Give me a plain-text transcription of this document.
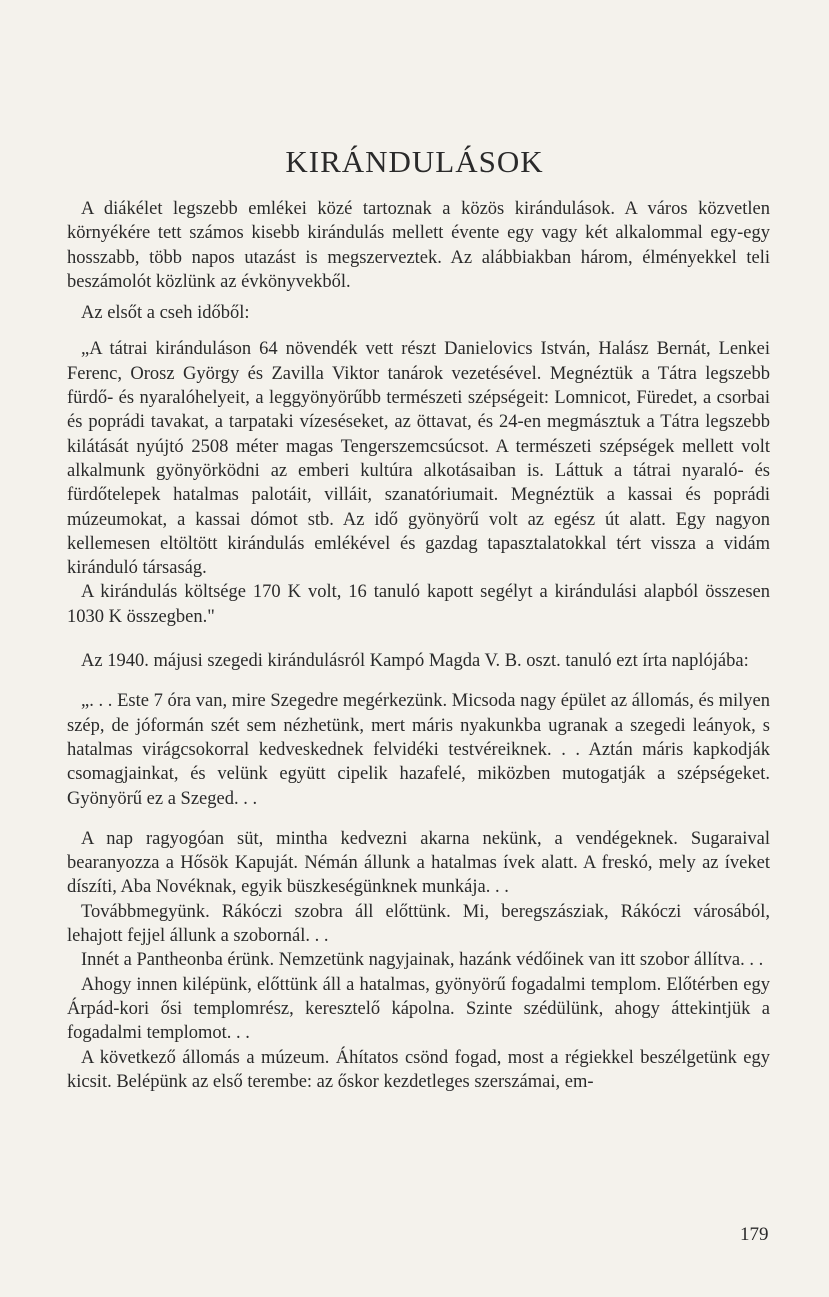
KIRÁNDULÁSOK

A diákélet legszebb emlékei közé tartoznak a közös kirándulások. A város közvetlen környékére tett számos kisebb kirándulás mellett évente egy vagy két alkalommal egy-egy hosszabb, több napos utazást is megszerveztek. Az alábbiakban három, élményekkel teli beszámolót közlünk az évkönyvekből.

Az elsőt a cseh időből:

„A tátrai kiránduláson 64 növendék vett részt Danielovics István, Halász Bernát, Lenkei Ferenc, Orosz György és Zavilla Viktor tanárok vezetésével. Megnéztük a Tátra legszebb fürdő- és nyaralóhelyeit, a leggyönyörűbb természeti szépségeit: Lomnicot, Füredet, a csorbai és poprádi tavakat, a tarpataki vízeséseket, az öttavat, és 24-en megmásztuk a Tátra legszebb kilátását nyújtó 2508 méter magas Tengerszemcsúcsot. A természeti szépségek mellett volt alkalmunk gyönyörködni az emberi kultúra alkotásaiban is. Láttuk a tátrai nyaraló- és fürdőtelepek hatalmas palotáit, villáit, szanatóriumait. Megnéztük a kassai és poprádi múzeumokat, a kassai dómot stb. Az idő gyönyörű volt az egész út alatt. Egy nagyon kellemesen eltöltött kirándulás emlékével és gazdag tapasztalatokkal tért vissza a vidám kiránduló társaság.

A kirándulás költsége 170 K volt, 16 tanuló kapott segélyt a kirándulási alapból összesen 1030 K összegben."

Az 1940. májusi szegedi kirándulásról Kampó Magda V. B. oszt. tanuló ezt írta naplójába:

„. . . Este 7 óra van, mire Szegedre megérkezünk. Micsoda nagy épület az állomás, és milyen szép, de jóformán szét sem nézhetünk, mert máris nyakunkba ugranak a szegedi leányok, s hatalmas virágcsokorral kedveskednek felvidéki testvéreiknek. . . Aztán máris kapkodják csomagjainkat, és velünk együtt cipelik hazafelé, miközben mutogatják a szépségeket. Gyönyörű ez a Szeged. . .

A nap ragyogóan süt, mintha kedvezni akarna nekünk, a vendégeknek. Sugaraival bearanyozza a Hősök Kapuját. Némán állunk a hatalmas ívek alatt. A freskó, mely az íveket díszíti, Aba Novéknak, egyik büszkeségünknek munkája. . .

Továbbmegyünk. Rákóczi szobra áll előttünk. Mi, beregszásziak, Rákóczi városából, lehajott fejjel állunk a szobornál. . .

Innét a Pantheonba érünk. Nemzetünk nagyjainak, hazánk védőinek van itt szobor állítva. . .

Ahogy innen kilépünk, előttünk áll a hatalmas, gyönyörű fogadalmi templom. Előtérben egy Árpád-kori ősi templomrész, keresztelő kápolna. Szinte szédülünk, ahogy áttekintjük a fogadalmi templomot. . .

A következő állomás a múzeum. Áhítatos csönd fogad, most a régiekkel beszélgetünk egy kicsit. Belépünk az első terembe: az őskor kezdetleges szerszámai, em-

179
